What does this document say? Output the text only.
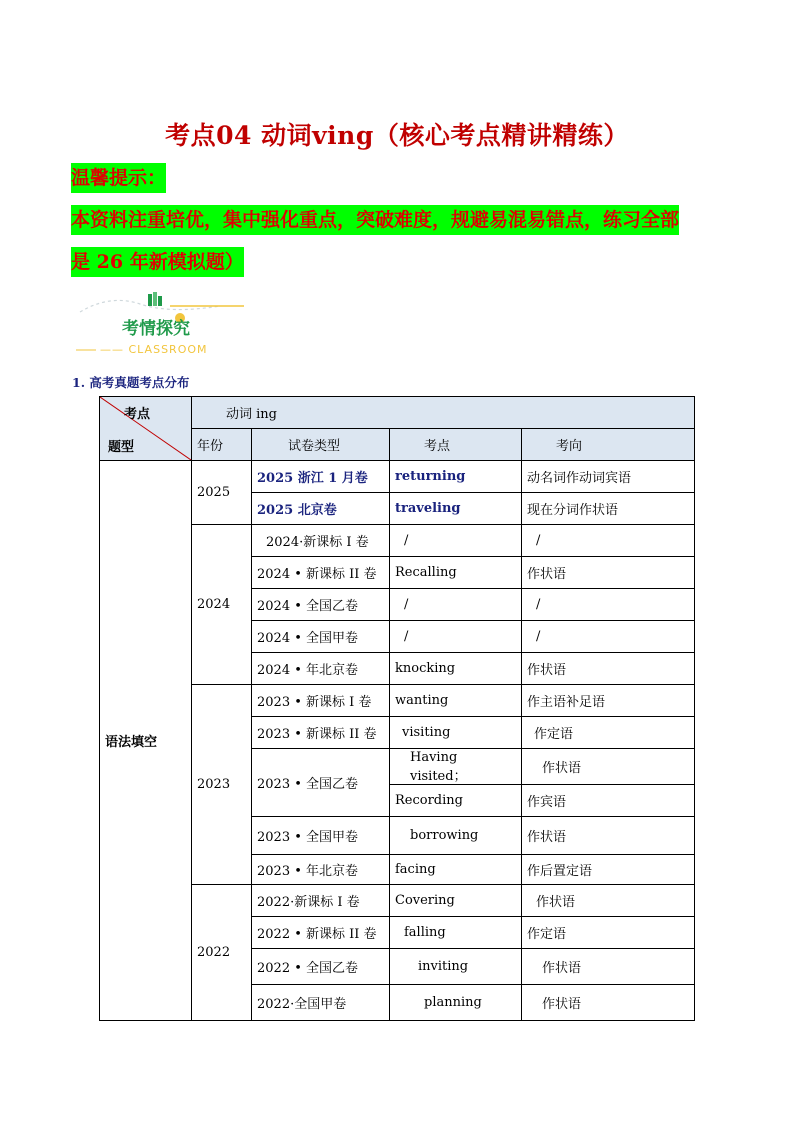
考点04 动词ving（核心考点精讲精练）
温馨提示：
本资料注重培优，集中强化重点，突破难度，规避易混易错点，练习全部
是 26 年新模拟题）
考情探究
—— CLASSROOM
1. 高考真题考点分布
考点
题型	动词 ing			
	年份	试卷类型	考点	考向
语法填空	2025	2025 浙江 1 月卷	returning	动名词作动词宾语
		2025 北京卷	traveling	现在分词作状语
	2024	2024·新课标 I 卷	/	/
		2024 • 新课标 II 卷	Recalling	作状语
		2024 • 全国乙卷	/	/
		2024 • 全国甲卷	/	/
		2024 • 年北京卷	knocking	作状语
	2023	2023 • 新课标 I 卷	wanting	作主语补足语
		2023 • 新课标 II 卷	visiting	作定语
		2023 • 全国乙卷	Having visited；	作状语
			Recording	作宾语
		2023 • 全国甲卷	borrowing	作状语
		2023 • 年北京卷	facing	作后置定语
	2022	2022·新课标 I 卷	Covering	作状语
		2022 • 新课标 II 卷	falling	作定语
		2022 • 全国乙卷	inviting	作状语
		2022·全国甲卷	planning	作状语
